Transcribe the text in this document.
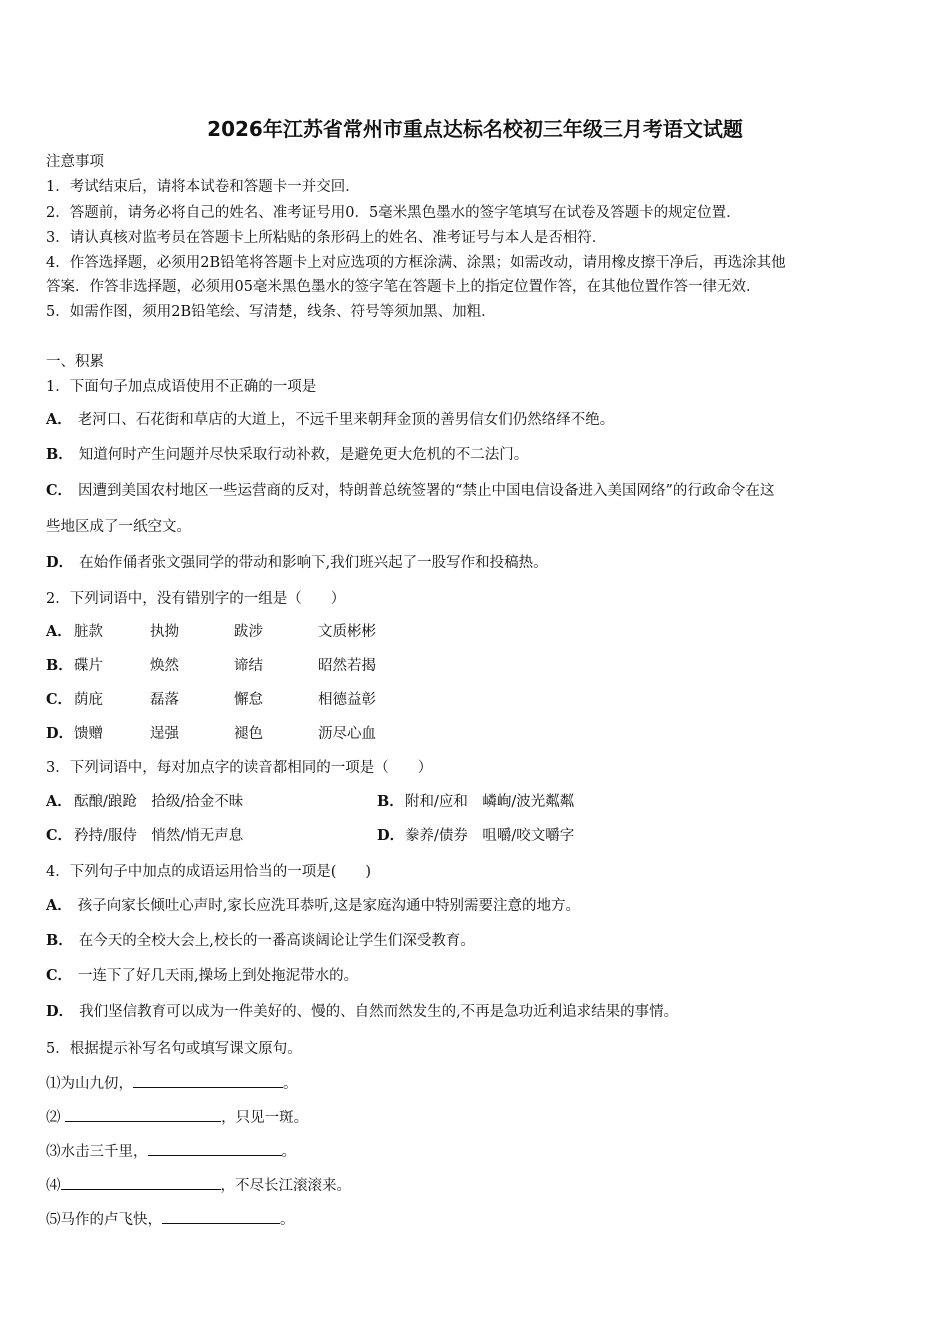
2026年江苏省常州市重点达标名校初三年级三月考语文试题
注意事项
1．考试结束后，请将本试卷和答题卡一并交回．
2．答题前，请务必将自己的姓名、准考证号用0．5毫米黑色墨水的签字笔填写在试卷及答题卡的规定位置．
3．请认真核对监考员在答题卡上所粘贴的条形码上的姓名、准考证号与本人是否相符．
4．作答选择题，必须用2B铅笔将答题卡上对应选项的方框涂满、涂黑；如需改动，请用橡皮擦干净后，再选涂其他
答案．作答非选择题，必须用05毫米黑色墨水的签字笔在答题卡上的指定位置作答，在其他位置作答一律无效．
5．如需作图，须用2B铅笔绘、写清楚，线条、符号等须加黑、加粗．
一、积累
1．下面句子加点成语使用不正确的一项是
A． 老河口、石花街和草店的大道上，不远千里来朝拜金顶的善男信女们仍然络绎不绝。
B． 知道何时产生问题并尽快采取行动补救，是避免更大危机的不二法门。
C． 因遭到美国农村地区一些运营商的反对，特朗普总统签署的“禁止中国电信设备进入美国网络”的行政命令在这
些地区成了一纸空文。
D． 在始作俑者张文强同学的带动和影响下,我们班兴起了一股写作和投稿热。
2．下列词语中，没有错别字的一组是（　　）
A． 脏款	执拗	跋涉	文质彬彬
B． 碟片	焕然	谛结	昭然若揭
C． 荫庇	磊落	懈怠	相德益彰
D． 馈赠	逞强	褪色	沥尽心血
3．下列词语中，每对加点字的读音都相同的一项是（　　）
A． 酝酿/踉跄　拾级/拾金不昧	B． 附和/应和　嶙峋/波光粼粼
C． 矜持/服侍　悄然/悄无声息	D． 豢养/债券　咀嚼/咬文嚼字
4．下列句子中加点的成语运用恰当的一项是(　　)
A． 孩子向家长倾吐心声时,家长应洗耳恭听,这是家庭沟通中特别需要注意的地方。
B． 在今天的全校大会上,校长的一番高谈阔论让学生们深受教育。
C． 一连下了好几天雨,操场上到处拖泥带水的。
D． 我们坚信教育可以成为一件美好的、慢的、自然而然发生的,不再是急功近利追求结果的事情。
5．根据提示补写名句或填写课文原句。
⑴为山九仞，	。
⑵	，只见一斑。
⑶水击三千里，	。
⑷	，不尽长江滚滚来。
⑸马作的卢飞快，	。
